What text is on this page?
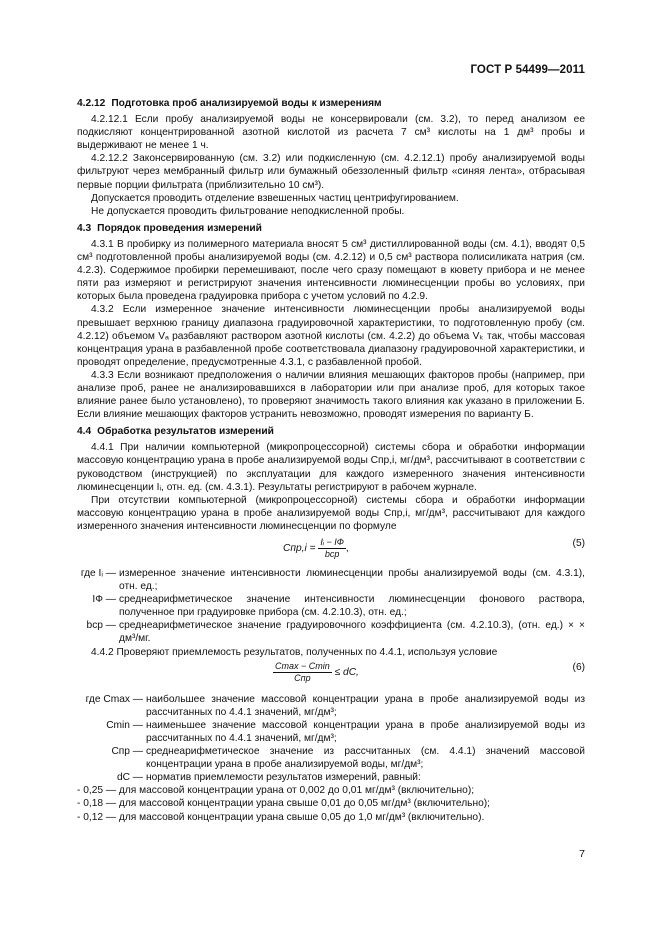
ГОСТ Р 54499—2011

4.2.12 Подготовка проб анализируемой воды к измерениям

4.2.12.1 Если пробу анализируемой воды не консервировали (см. 3.2), то перед анализом ее подкисляют концентрированной азотной кислотой из расчета 7 см³ кислоты на 1 дм³ пробы и выдерживают не менее 1 ч.

4.2.12.2 Законсервированную (см. 3.2) или подкисленную (см. 4.2.12.1) пробу анализируемой воды фильтруют через мембранный фильтр или бумажный обеззоленный фильтр «синяя лента», отбрасывая первые порции фильтрата (приблизительно 10 см³).

Допускается проводить отделение взвешенных частиц центрифугированием.

Не допускается проводить фильтрование неподкисленной пробы.

4.3 Порядок проведения измерений

4.3.1 В пробирку из полимерного материала вносят 5 см³ дистиллированной воды (см. 4.1), вводят 0,5 см³ подготовленной пробы анализируемой воды (см. 4.2.12) и 0,5 см³ раствора полисиликата натрия (см. 4.2.3). Содержимое пробирки перемешивают, после чего сразу помещают в кювету прибора и не менее пяти раз измеряют и регистрируют значения интенсивности люминесценции пробы во условиях, при которых была проведена градуировка прибора с учетом условий по 4.2.9.

4.3.2 Если измеренное значение интенсивности люминесценции пробы анализируемой воды превышает верхнюю границу диапазона градуировочной характеристики, то подготовленную пробу (см. 4.2.12) объемом Vₐ разбавляют раствором азотной кислоты (см. 4.2.2) до объема Vₖ так, чтобы массовая концентрация урана в разбавленной пробе соответствовала диапазону градуировочной характеристики, и проводят определение, предусмотренные 4.3.1, с разбавленной пробой.

4.3.3 Если возникают предположения о наличии влияния мешающих факторов пробы (например, при анализе проб, ранее не анализировавшихся в лаборатории или при анализе проб, для которых такое влияние ранее было установлено), то проверяют значимость такого влияния как указано в приложении Б. Если влияние мешающих факторов устранить невозможно, проводят измерения по варианту Б.

4.4 Обработка результатов измерений

4.4.1 При наличии компьютерной (микропроцессорной) системы сбора и обработки информации массовую концентрацию урана в пробе анализируемой воды Cпр,i, мг/дм³, рассчитывают в соответствии с руководством (инструкцией) по эксплуатации для каждого измеренного значения интенсивности люминесценции Iᵢ, отн. ед. (см. 4.3.1). Результаты регистрируют в рабочем журнале.

При отсутствии компьютерной (микропроцессорной) системы сбора и обработки информации массовую концентрацию урана в пробе анализируемой воды Cпр,i, мг/дм³, рассчитывают для каждого измеренного значения интенсивности люминесценции по формуле

$Cпр,i = \frac{\text{Iᵢ − IФ}}{\text{bср}}$ ,	(5)
где Iᵢ — измеренное значение интенсивности люминесценции пробы анализируемой воды (см. 4.3.1), отн. ед.;
IФ — среднеарифметическое значение интенсивности люминесценции фонового раствора, полученное при градуировке прибора (см. 4.2.10.3), отн. ед.;
bср — среднеарифметическое значение градуировочного коэффициента (см. 4.2.10.3), (отн. ед.) × × дм³/мг.

4.4.2 Проверяют приемлемость результатов, полученных по 4.4.1, используя условие

$\frac{Cmax - Cmin}{\text{Cпр}}$ ≤ dC,	(6)
где Cmax — наибольшее значение массовой концентрации урана в пробе анализируемой воды из рассчитанных по 4.4.1 значений, мг/дм³;
Cmin — наименьшее значение массовой концентрации урана в пробе анализируемой воды из рассчитанных по 4.4.1 значений, мг/дм³;
Cпр — среднеарифметическое значение из рассчитанных (см. 4.4.1) значений массовой концентрации урана в пробе анализируемой воды, мг/дм³;
dC — норматив приемлемости результатов измерений, равный:

- 0,25 — для массовой концентрации урана от 0,002 до 0,01 мг/дм³ (включительно);

- 0,18 — для массовой концентрации урана свыше 0,01 до 0,05 мг/дм³ (включительно);

- 0,12 — для массовой концентрации урана свыше 0,05 до 1,0 мг/дм³ (включительно).

7
